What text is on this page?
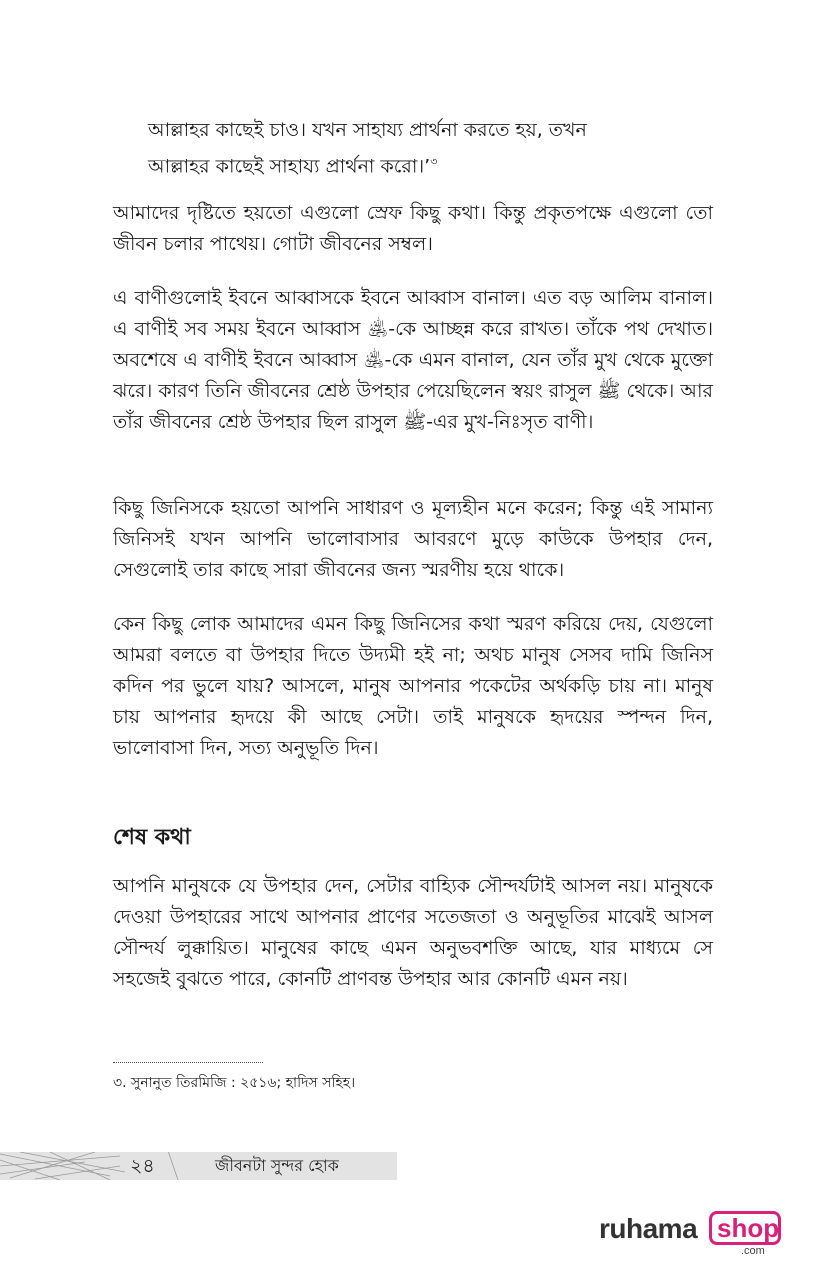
আল্লাহর কাছেই চাও। যখন সাহায্য প্রার্থনা করতে হয়, তখন
আল্লাহর কাছেই সাহায্য প্রার্থনা করো।’$^৩$

আমাদের দৃষ্টিতে হয়তো এগুলো স্রেফ কিছু কথা। কিন্তু প্রকৃতপক্ষে এগুলো তো জীবন চলার পাথেয়। গোটা জীবনের সম্বল।

এ বাণীগুলোই ইবনে আব্বাসকে ইবনে আব্বাস বানাল। এত বড় আলিম বানাল। এ বাণীই সব সময় ইবনে আব্বাস ﵁-কে আচ্ছন্ন করে রাখত। তাঁকে পথ দেখাত। অবশেষে এ বাণীই ইবনে আব্বাস ﵁-কে এমন বানাল, যেন তাঁর মুখ থেকে মুক্তো ঝরে। কারণ তিনি জীবনের শ্রেষ্ঠ উপহার পেয়েছিলেন স্বয়ং রাসুল ﷺ থেকে। আর তাঁর জীবনের শ্রেষ্ঠ উপহার ছিল রাসুল ﷺ-এর মুখ-নিঃসৃত বাণী।

কিছু জিনিসকে হয়তো আপনি সাধারণ ও মূল্যহীন মনে করেন; কিন্তু এই সামান্য জিনিসই যখন আপনি ভালোবাসার আবরণে মুড়ে কাউকে উপহার দেন, সেগুলোই তার কাছে সারা জীবনের জন্য স্মরণীয় হয়ে থাকে।

কেন কিছু লোক আমাদের এমন কিছু জিনিসের কথা স্মরণ করিয়ে দেয়, যেগুলো আমরা বলতে বা উপহার দিতে উদ্যমী হই না; অথচ মানুষ সেসব দামি জিনিস কদিন পর ভুলে যায়? আসলে, মানুষ আপনার পকেটের অর্থকড়ি চায় না। মানুষ চায় আপনার হৃদয়ে কী আছে সেটা। তাই মানুষকে হৃদয়ের স্পন্দন দিন, ভালোবাসা দিন, সত্য অনুভূতি দিন।

শেষ কথা

আপনি মানুষকে যে উপহার দেন, সেটার বাহ্যিক সৌন্দর্যটাই আসল নয়। মানুষকে দেওয়া উপহারের সাথে আপনার প্রাণের সতেজতা ও অনুভূতির মাঝেই আসল সৌন্দর্য লুক্কায়িত। মানুষের কাছে এমন অনুভবশক্তি আছে, যার মাধ্যমে সে সহজেই বুঝতে পারে, কোনটি প্রাণবন্ত উপহার আর কোনটি এমন নয়।

৩. সুনানুত তিরমিজি : ২৫১৬; হাদিস সহিহ।
২৪	জীবনটা সুন্দর হোক
ruhama shop
.com
